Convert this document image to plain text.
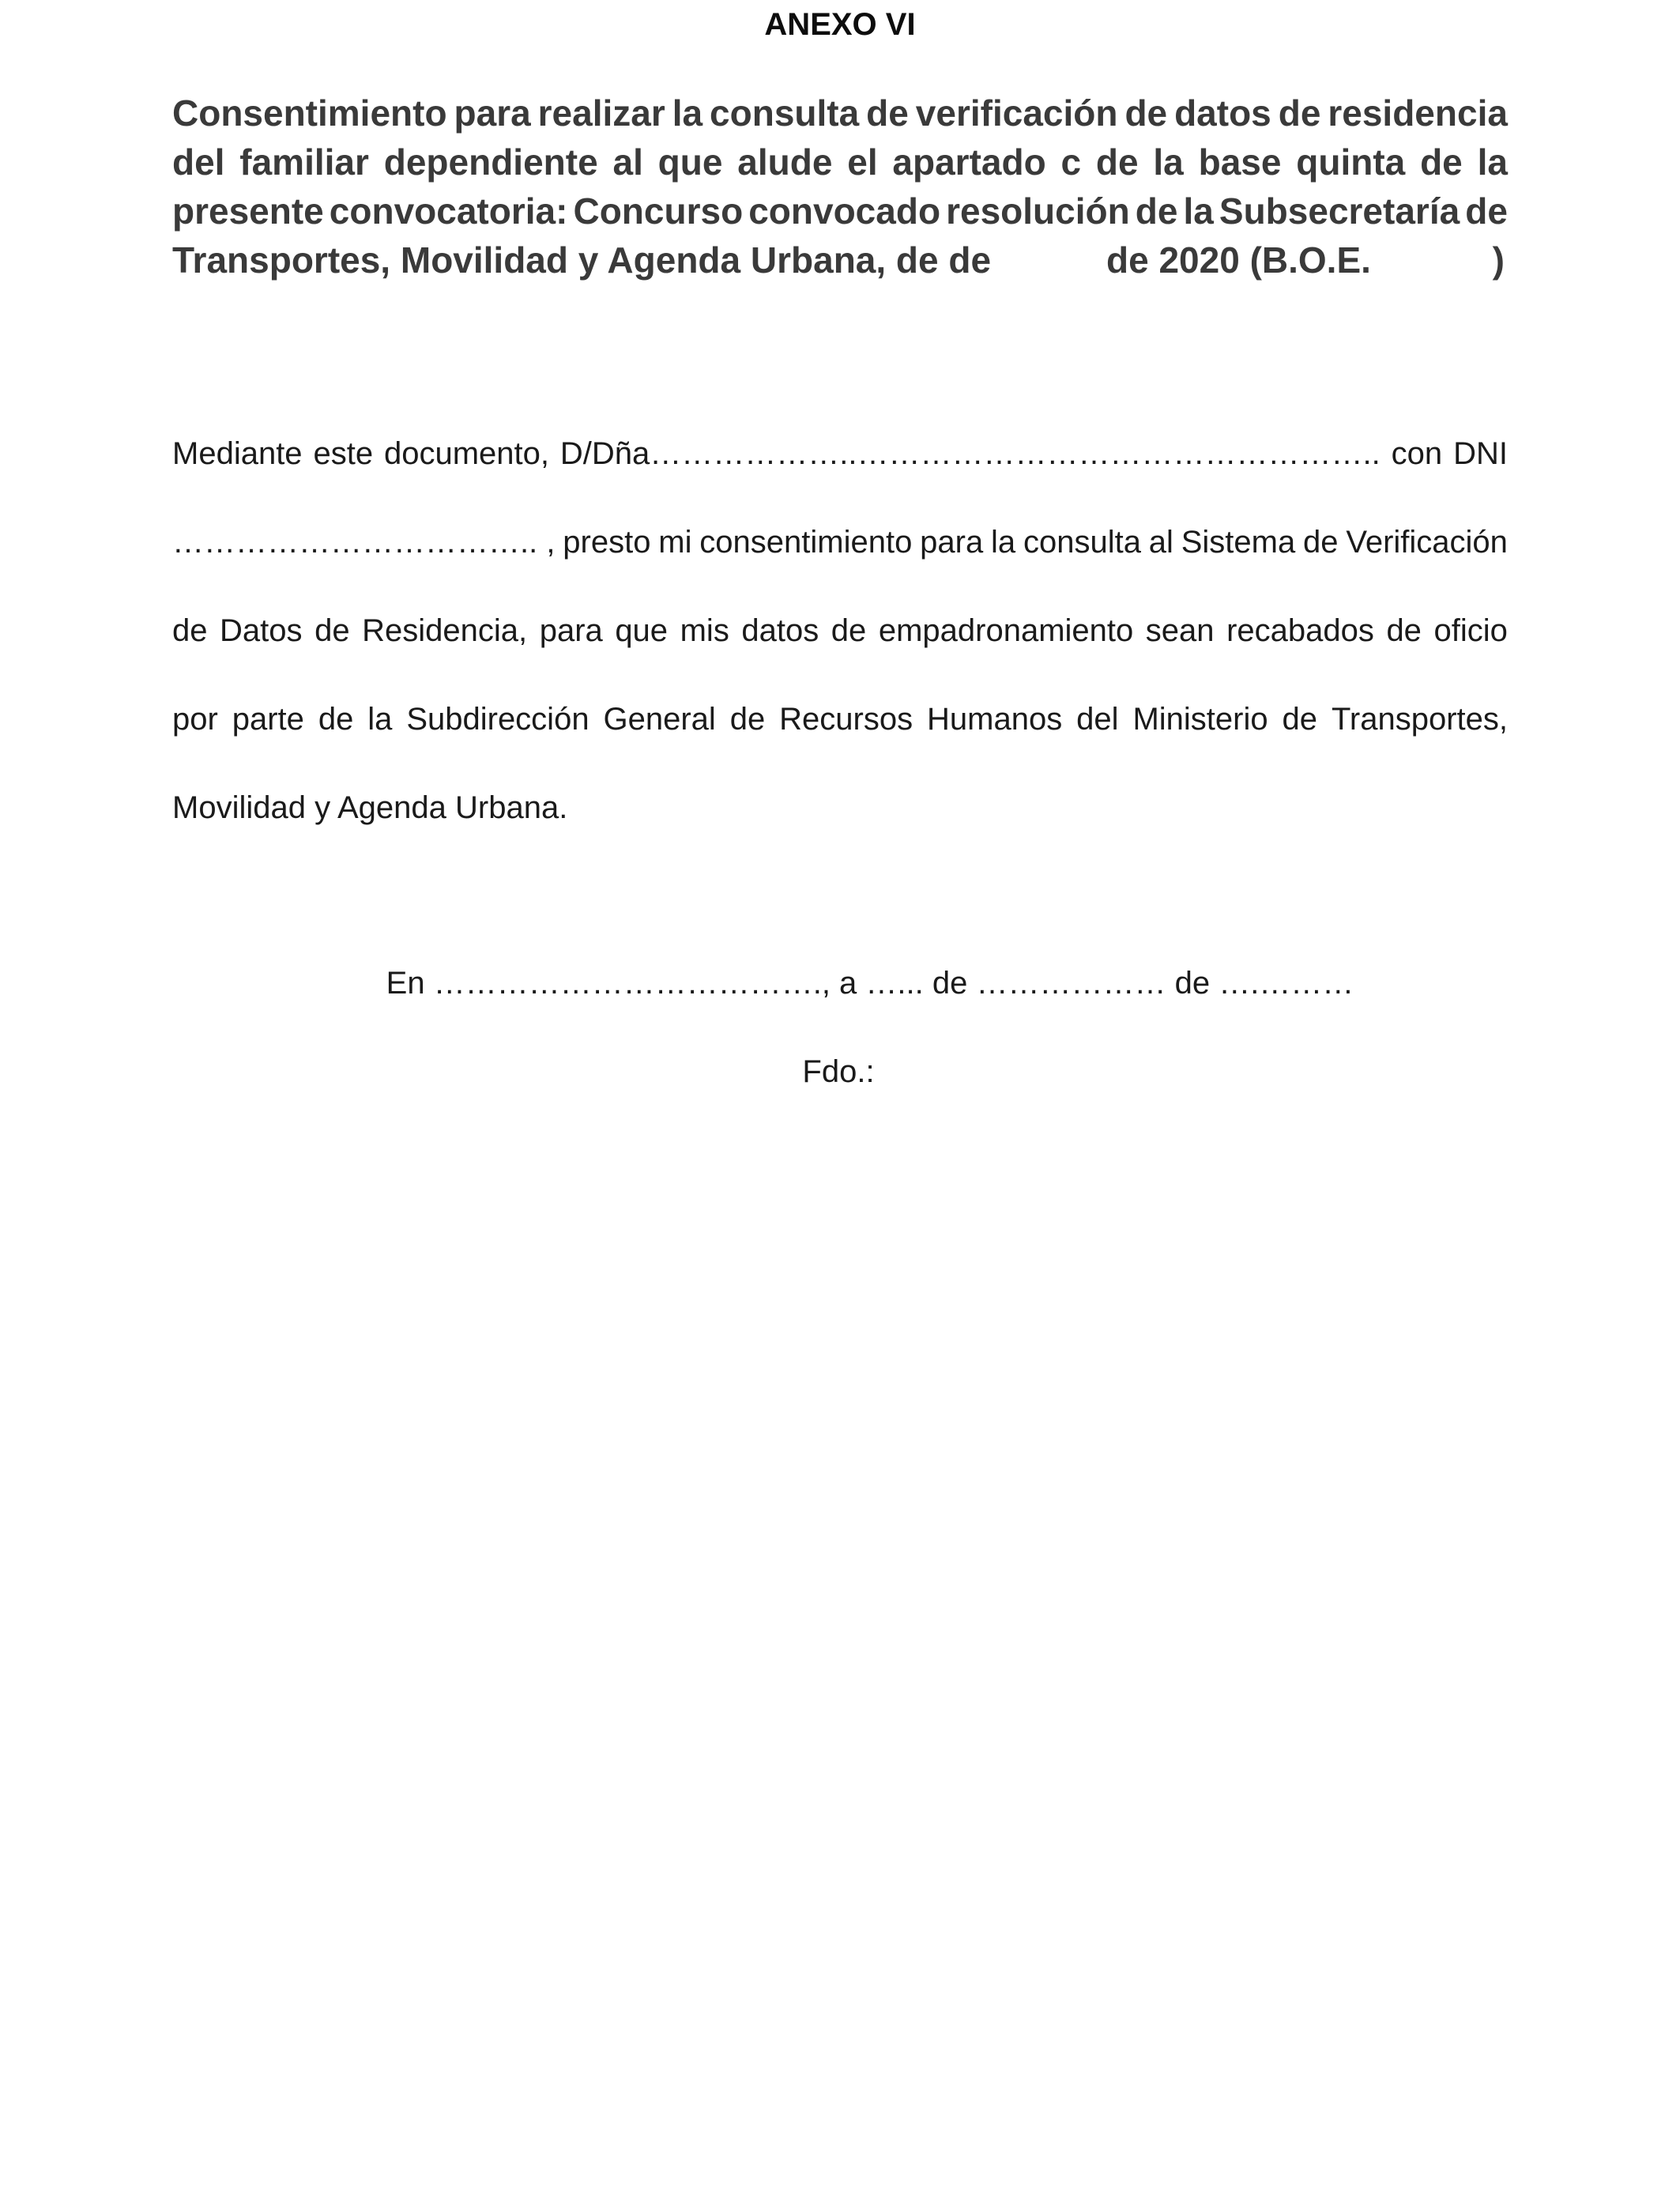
ANEXO VI
Consentimiento para realizar la consulta de verificación de datos de residencia
del familiar dependiente al que alude el apartado c de la base quinta de la
presente convocatoria: Concurso convocado resolución de la Subsecretaría de
Transportes, Movilidad y Agenda Urbana, de de	de 2020 (B.O.E.	)
Mediante este documento, D/Dña………………..………………………………………….. con DNI
…………………………….. , presto mi consentimiento para la consulta al Sistema de Verificación
de Datos de Residencia, para que mis datos de empadronamiento sean recabados de oficio
por parte de la Subdirección General de Recursos Humanos del Ministerio de Transportes,
Movilidad y Agenda Urbana.
En ………………………………., a …... de ……………… de ….………
Fdo.:
